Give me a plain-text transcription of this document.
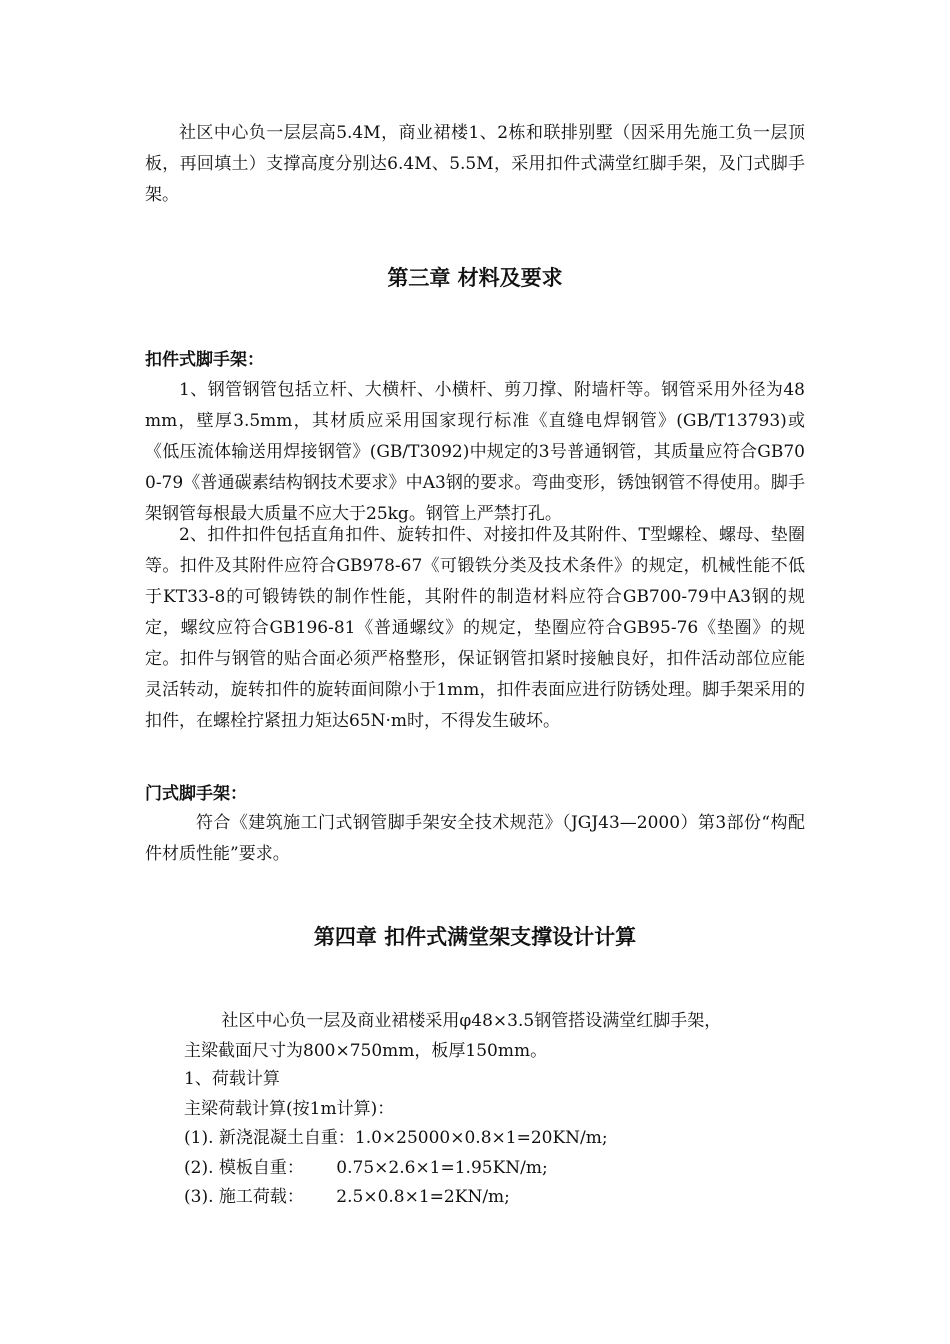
社区中心负一层层高5.4M，商业裙楼1、2栋和联排别墅（因采用先施工负一层顶板，再回填土）支撑高度分别达6.4M、5.5M，采用扣件式满堂红脚手架，及门式脚手架。

第三章 材料及要求
扣件式脚手架：

1、钢管钢管包括立杆、大横杆、小横杆、剪刀撑、附墙杆等。钢管采用外径为48mm，壁厚3.5mm，其材质应采用国家现行标准《直缝电焊钢管》(GB/T13793)或《低压流体输送用焊接钢管》(GB/T3092)中规定的3号普通钢管，其质量应符合GB700-79《普通碳素结构钢技术要求》中A3钢的要求。弯曲变形，锈蚀钢管不得使用。脚手架钢管每根最大质量不应大于25kg。钢管上严禁打孔。

2、扣件扣件包括直角扣件、旋转扣件、对接扣件及其附件、T型螺栓、螺母、垫圈等。扣件及其附件应符合GB978-67《可锻铁分类及技术条件》的规定，机械性能不低于KT33-8的可锻铸铁的制作性能，其附件的制造材料应符合GB700-79中A3钢的规定，螺纹应符合GB196-81《普通螺纹》的规定，垫圈应符合GB95-76《垫圈》的规定。扣件与钢管的贴合面必须严格整形，保证钢管扣紧时接触良好，扣件活动部位应能灵活转动，旋转扣件的旋转面间隙小于1mm，扣件表面应进行防锈处理。脚手架采用的扣件，在螺栓拧紧扭力矩达65N·m时，不得发生破坏。

门式脚手架：

符合《建筑施工门式钢管脚手架安全技术规范》（JGJ43—2000）第3部份“构配件材质性能”要求。

第四章 扣件式满堂架支撑设计计算
社区中心负一层及商业裙楼采用φ48×3.5钢管搭设满堂红脚手架，
主梁截面尺寸为800×750mm，板厚150mm。

1、荷载计算

主梁荷载计算(按1m计算)：

(1). 新浇混凝土自重：1.0×25000×0.8×1=20KN/m;

(2). 模板自重：      0.75×2.6×1=1.95KN/m;

(3). 施工荷载：      2.5×0.8×1=2KN/m;
